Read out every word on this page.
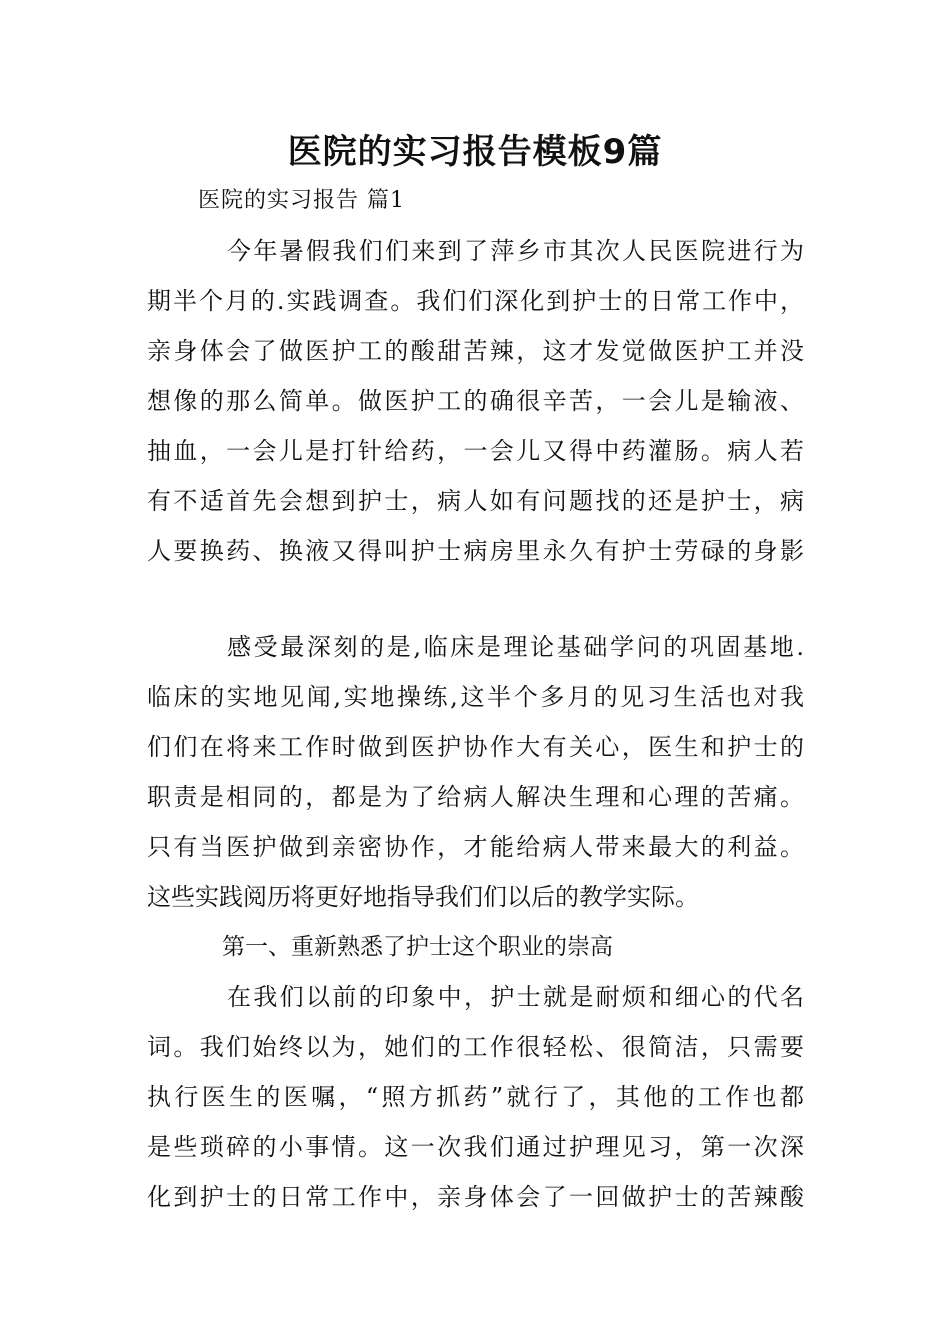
医院的实习报告模板9篇
医院的实习报告 篇1
今年暑假我们们来到了萍乡市其次人民医院进行为
期半个月的.实践调查。我们们深化到护士的日常工作中，
亲身体会了做医护工的酸甜苦辣，这才发觉做医护工并没
想像的那么简单。做医护工的确很辛苦，一会儿是输液、
抽血，一会儿是打针给药，一会儿又得中药灌肠。病人若
有不适首先会想到护士，病人如有问题找的还是护士，病
人要换药、换液又得叫护士病房里永久有护士劳碌的身影
感受最深刻的是,临床是理论基础学问的巩固基地.
临床的实地见闻,实地操练,这半个多月的见习生活也对我
们们在将来工作时做到医护协作大有关心，医生和护士的
职责是相同的，都是为了给病人解决生理和心理的苦痛。
只有当医护做到亲密协作，才能给病人带来最大的利益。
这些实践阅历将更好地指导我们们以后的教学实际。
第一、重新熟悉了护士这个职业的崇高
在我们以前的印象中，护士就是耐烦和细心的代名
词。我们始终以为，她们的工作很轻松、很简洁，只需要
执行医生的医嘱，“照方抓药”就行了，其他的工作也都
是些琐碎的小事情。这一次我们通过护理见习，第一次深
化到护士的日常工作中，亲身体会了一回做护士的苦辣酸
